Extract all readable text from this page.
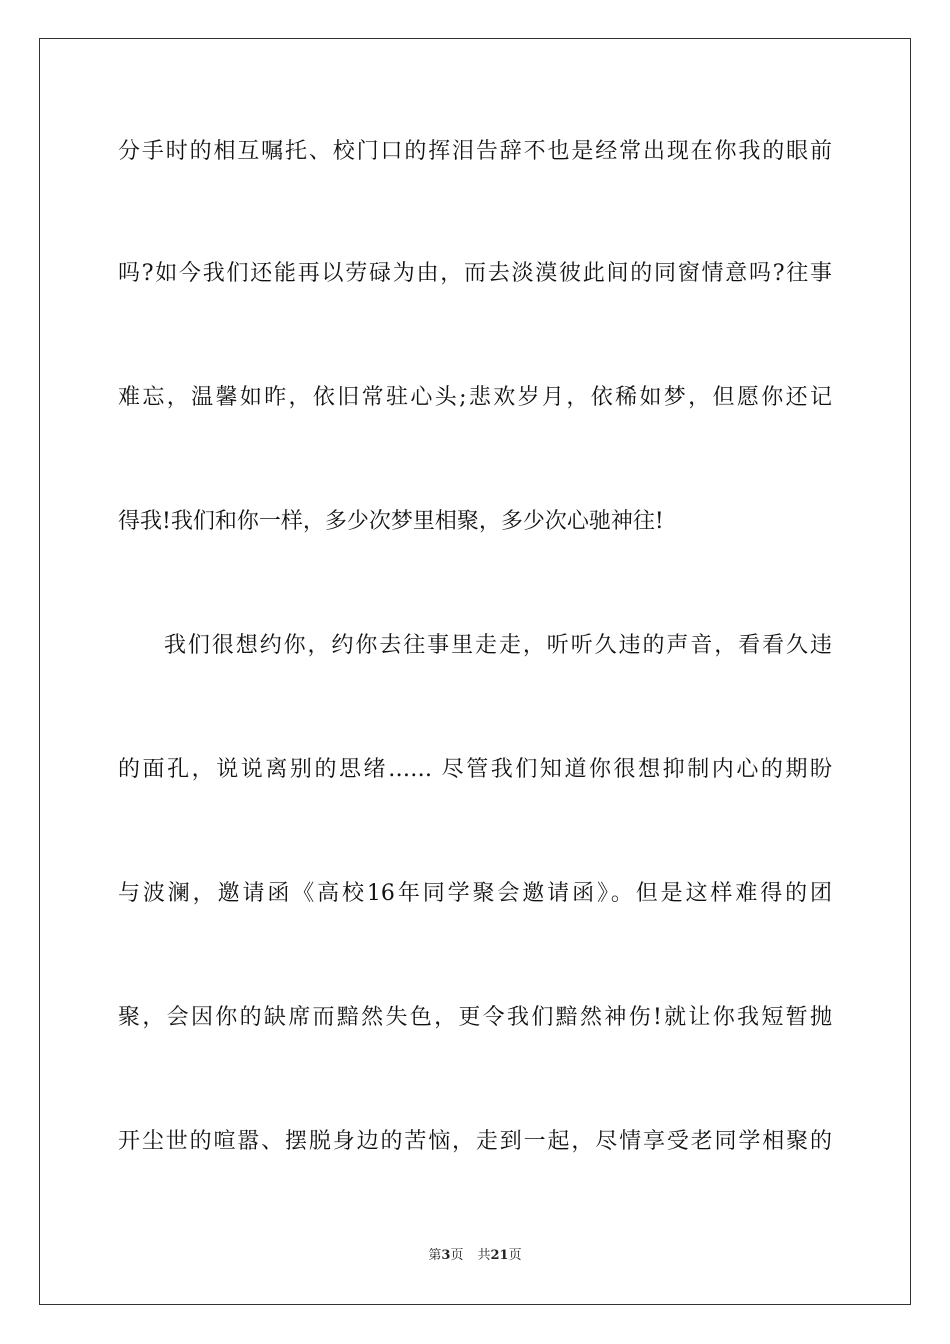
分手时的相互嘱托、校门口的挥泪告辞不也是经常出现在你我的眼前
吗?如今我们还能再以劳碌为由，而去淡漠彼此间的同窗情意吗?往事
难忘，温馨如昨，依旧常驻心头;悲欢岁月，依稀如梦，但愿你还记
得我!我们和你一样，多少次梦里相聚，多少次心驰神往!
我们很想约你，约你去往事里走走，听听久违的声音，看看久违
的面孔，说说离别的思绪…… 尽管我们知道你很想抑制内心的期盼
与波澜，邀请函《高校16年同学聚会邀请函》。但是这样难得的团
聚，会因你的缺席而黯然失色，更令我们黯然神伤!就让你我短暂抛
开尘世的喧嚣、摆脱身边的苦恼，走到一起，尽情享受老同学相聚的
第3页 共21页
